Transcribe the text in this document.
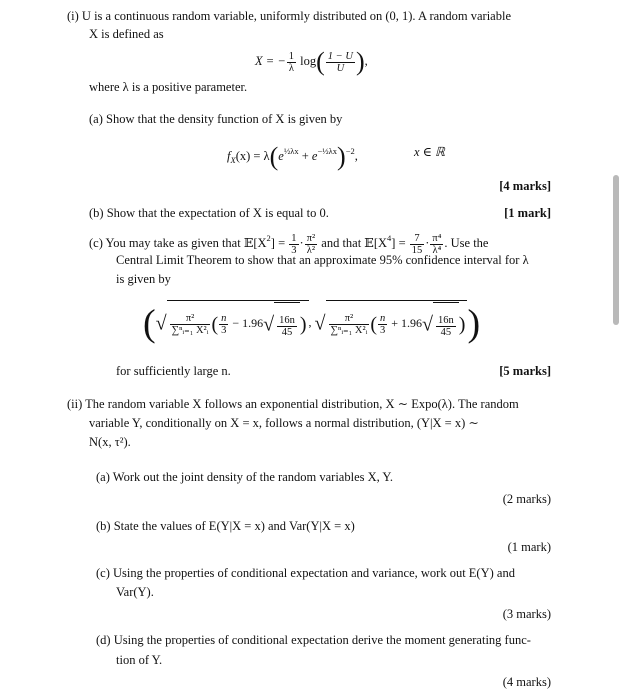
(i) U is a continuous random variable, uniformly distributed on (0, 1). A random variable
X is defined as
X = − $\frac{1}{\lambda} \log( \frac{1 - U}{U}$ ),
where λ is a positive parameter.
(a) Show that the density function of X is given by
$f_X(x) = \lambda(e^{\frac{1}{2}\lambda x} + e^{-\frac{1}{2}\lambda x})^{-2}$,	x ∈ ℝ
[4 marks]
(b) Show that the expectation of X is equal to 0.	[1 mark]
(c) You may take as given that $𝔼[X^2] = \frac{1}{3} \cdot \frac{\text{π²}}{\text{λ²}}$ and that $𝔼[X^4] = \frac{7}{15} \cdot \frac{\text{π⁴}}{\text{λ⁴}}$ . Use the
Central Limit Theorem to show that an approximate 95% confidence interval for λ
is given by
(√ $\frac{\text{π²}}{\text{∑ⁿᵢ₌₁ X²ᵢ}}$ ( $\frac{n}{3} - 1.96√ \frac{16n}{45}$ ) , √ $\frac{\text{π²}}{\text{∑ⁿᵢ₌₁ X²ᵢ}}$ ( $\frac{n}{3} + 1.96√ \frac{16n}{45}$ ))
for sufficiently large n.	[5 marks]
(ii) The random variable X follows an exponential distribution, X ∼ Expo(λ). The random
variable Y, conditionally on X = x, follows a normal distribution, (Y|X = x) ∼
N(x, τ²).
(a) Work out the joint density of the random variables X, Y.
(2 marks)
(b) State the values of E(Y|X = x) and Var(Y|X = x)
(1 mark)
(c) Using the properties of conditional expectation and variance, work out E(Y) and
Var(Y).
(3 marks)
(d) Using the properties of conditional expectation derive the moment generating func-
tion of Y.
(4 marks)
